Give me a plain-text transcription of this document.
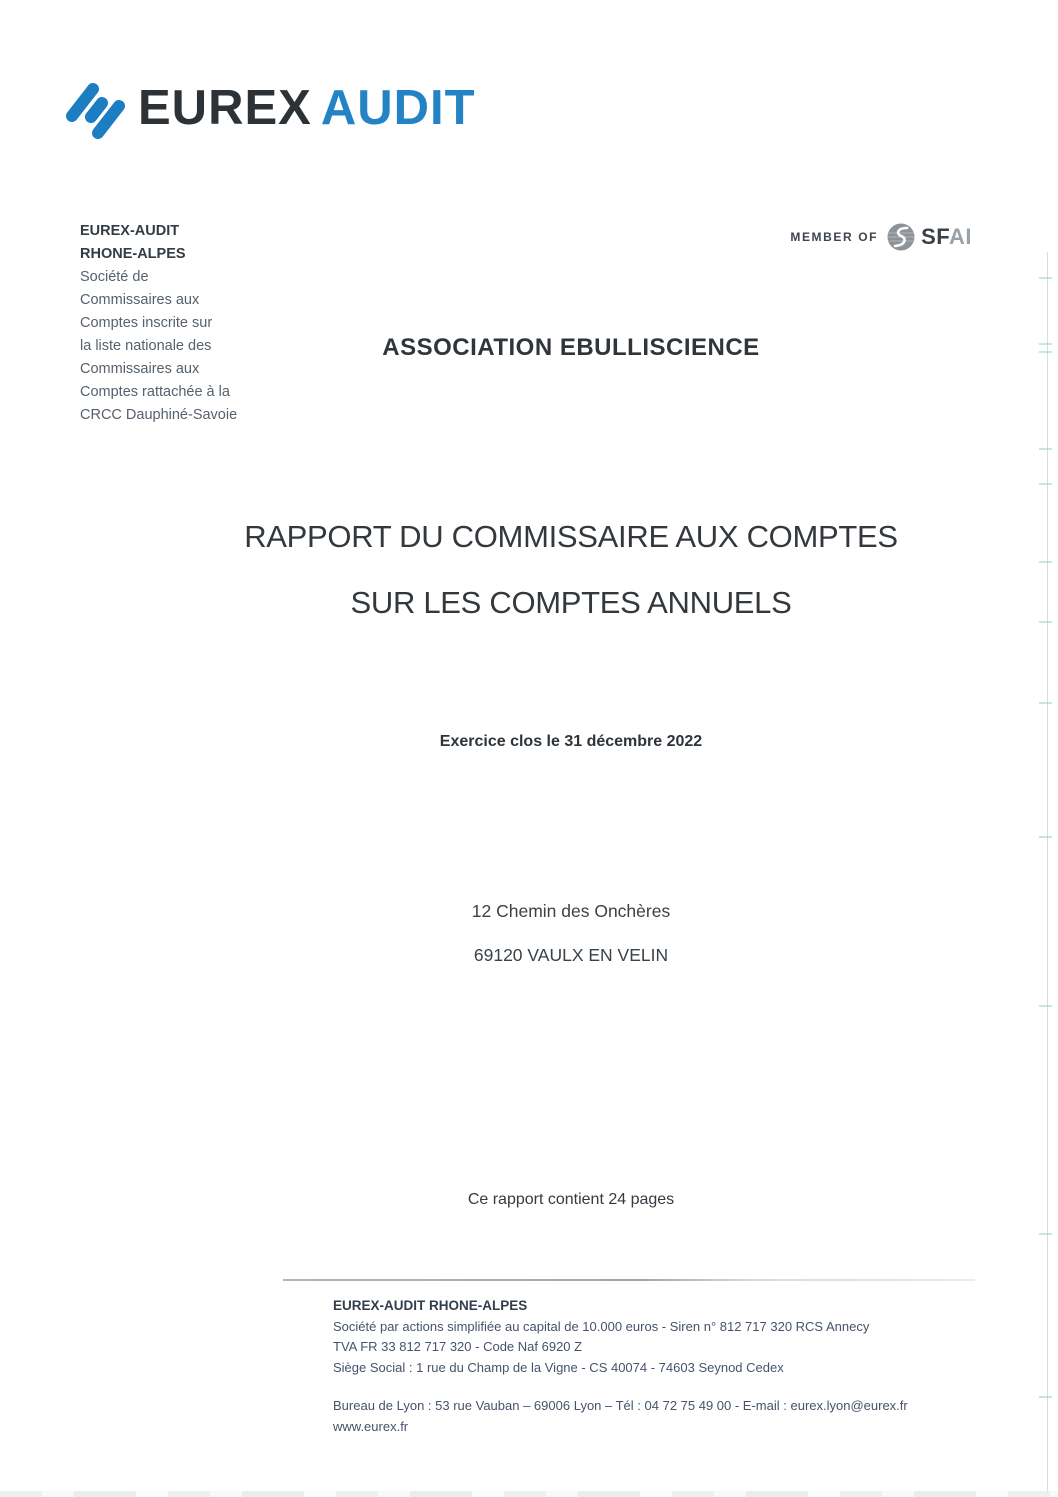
EUREX AUDIT
MEMBER OF SFAI
EUREX-AUDIT
RHONE-ALPES
Société de
Commissaires aux
Comptes inscrite sur
la liste nationale des
Commissaires aux
Comptes rattachée à la
CRCC Dauphiné-Savoie
ASSOCIATION EBULLISCIENCE
RAPPORT DU COMMISSAIRE AUX COMPTES
SUR LES COMPTES ANNUELS
Exercice clos le 31 décembre 2022
12 Chemin des Onchères
69120 VAULX EN VELIN
Ce rapport contient 24 pages
EUREX-AUDIT RHONE-ALPES
Société par actions simplifiée au capital de 10.000 euros - Siren n° 812 717 320 RCS Annecy
TVA FR 33 812 717 320 - Code Naf 6920 Z
Siège Social : 1 rue du Champ de la Vigne - CS 40074 - 74603 Seynod Cedex
Bureau de Lyon : 53 rue Vauban – 69006 Lyon – Tél : 04 72 75 49 00 - E-mail : eurex.lyon@eurex.fr
www.eurex.fr
